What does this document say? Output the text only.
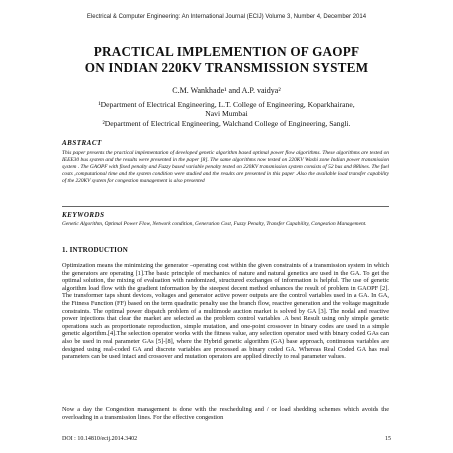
Electrical & Computer Engineering: An International Journal (ECIJ) Volume 3, Number 4, December 2014
PRACTICAL IMPLEMENTION OF GAOPF
ON INDIAN 220KV TRANSMISSION SYSTEM
C.M. Wankhade¹ and A.P. vaidya²
¹Department of Electrical Engineering, L.T. College of Engineering, Koparkhairane,
Navi Mumbai
²Department of Electrical Engineering, Walchand College of Engineering, Sangli.
ABSTRACT
This paper presents the practical implementation of developed genetic algorithm based optimal power flow algorithms. These algorithms are tested on IEEE30 bus system and the results were presented in the paper [8]. The same algorithms now tested on 220KV Washi zone Indian power transmission system . The GAOPF with fixed penalty and Fuzzy based variable penalty tested on 220KV transmission system consists of 52 bus and 88lines. The fuel costs ,computational time and the system condition were studied and the results are presented in this paper .Also the available load transfer capability of the 220KV system for congestion management is also presented
KEYWORDS
Genetic Algorithm, Optimal Power Flow, Network condition, Generation Cost, Fuzzy Penalty, Transfer Capability, Congestion Management.
1. INTRODUCTION
Optimization means the minimizing the generator –operating cost within the given constraints of a transmission system in which the generators are operating [1].The basic principle of mechanics of nature and natural genetics are used in the GA. To get the optimal solution, the mixing of evaluation with randomized, structured exchanges of information is helpful. The use of genetic algorithm load flow with the gradient information by the steepest decent method enhances the result of problem in GAOPF [2]. The transformer taps shunt devices, voltages and generator active power outputs are the control variables used in a GA. In GA, the Fitness Function (FF) based on the term quadratic penalty use the branch flow, reactive generation and the voltage magnitude constraints. The optimal power dispatch problem of a multimode auction market is solved by GA [3]. The nodal and reactive power injections that clear the market are selected as the problem control variables .A best Result using only simple genetic operations such as proportionate reproduction, simple mutation, and one-point crossover in binary codes are used in a simple genetic algorithm.[4].The selection operator works with the fitness value, any selection operator used with binary coded GAs can also be used in real parameter GAs [5]-[8], where the Hybrid genetic algorithm (GA) base approach, continuous variables are designed using real-coded GA and discrete variables are processed as binary coded GA. Whereas Real Coded GA has real parameters can be used intact and crossover and mutation operators are applied directly to real parameter values.
Now a day the Congestion management is done with the rescheduling and / or load shedding schemes which avoids the overloading in a transmission lines. For the effective congestion
DOI : 10.14810/ecij.2014.3402	15
